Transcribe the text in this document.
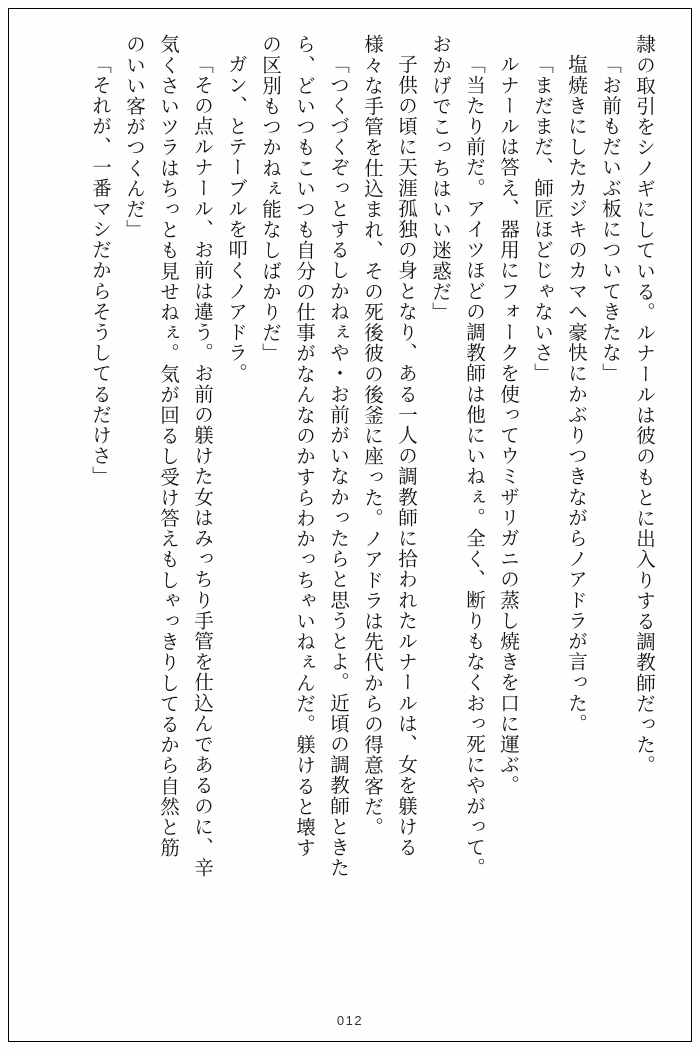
隷の取引をシノギにしている。ルナールは彼のもとに出入りする調教師だった。
「お前もだいぶ板についてきたな」
塩焼きにしたカジキのカマへ豪快にかぶりつきながらノアドラが言った。
「まだまだ、師匠ほどじゃないさ」
ルナールは答え、器用にフォークを使ってウミザリガニの蒸し焼きを口に運ぶ。
「当たり前だ。アイツほどの調教師は他にいねぇ。全く、断りもなくおっ死にやがって。
おかげでこっちはいい迷惑だ」
子供の頃に天涯孤独の身となり、ある一人の調教師に拾われたルナールは、女を躾ける
様々な手管を仕込まれ、その死後彼の後釜に座った。ノアドラは先代からの得意客だ。
「つくづくぞっとするしかねぇや・お前がいなかったらと思うとよ。近頃の調教師ときた
ら、どいつもこいつも自分の仕事がなんなのかすらわかっちゃいねぇんだ。躾けると壊す
の区別もつかねぇ能なしばかりだ」
ガン、とテーブルを叩くノアドラ。
「その点ルナール、お前は違う。お前の躾けた女はみっちり手管を仕込んであるのに、辛
気くさいツラはちっとも見せねぇ。気が回るし受け答えもしゃっきりしてるから自然と筋
のいい客がつくんだ」
「それが、一番マシだからそうしてるだけさ」
012
